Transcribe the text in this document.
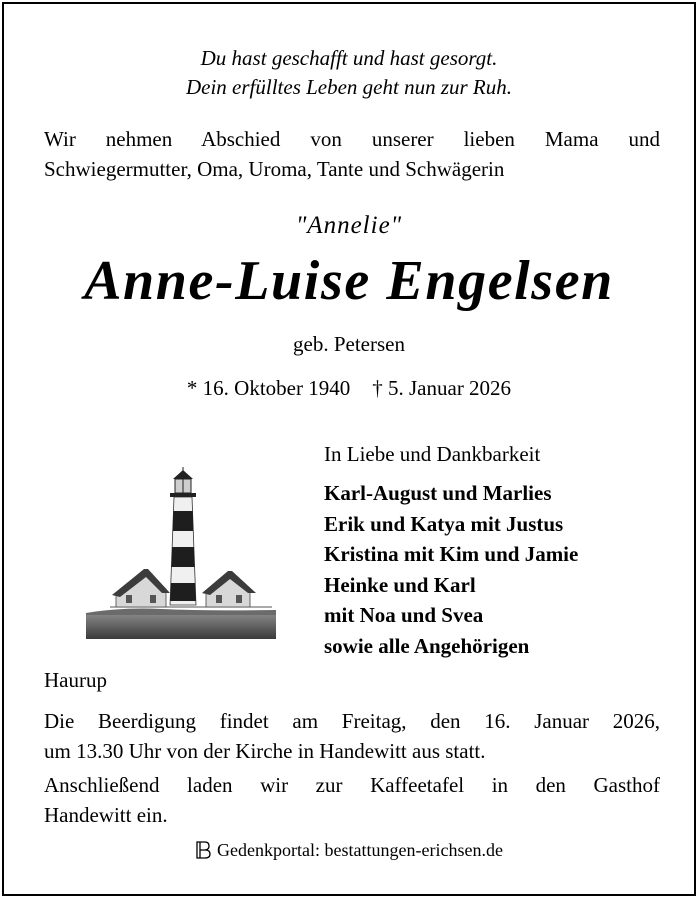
Du hast geschafft und hast gesorgt.
Dein erfülltes Leben geht nun zur Ruh.
Wir nehmen Abschied von unserer lieben Mama und
Schwiegermutter, Oma, Uroma, Tante und Schwägerin
"Annelie"
Anne-Luise Engelsen
geb. Petersen
* 16. Oktober 1940 † 5. Januar 2026
In Liebe und Dankbarkeit
Karl-August und Marlies
Erik und Katya mit Justus
Kristina mit Kim und Jamie
Heinke und Karl
mit Noa und Svea
sowie alle Angehörigen
Haurup
Die Beerdigung findet am Freitag, den 16. Januar 2026,
um 13.30 Uhr von der Kirche in Handewitt aus statt.
Anschließend laden wir zur Kaffeetafel in den Gasthof
Handewitt ein.
Gedenkportal: bestattungen-erichsen.de
